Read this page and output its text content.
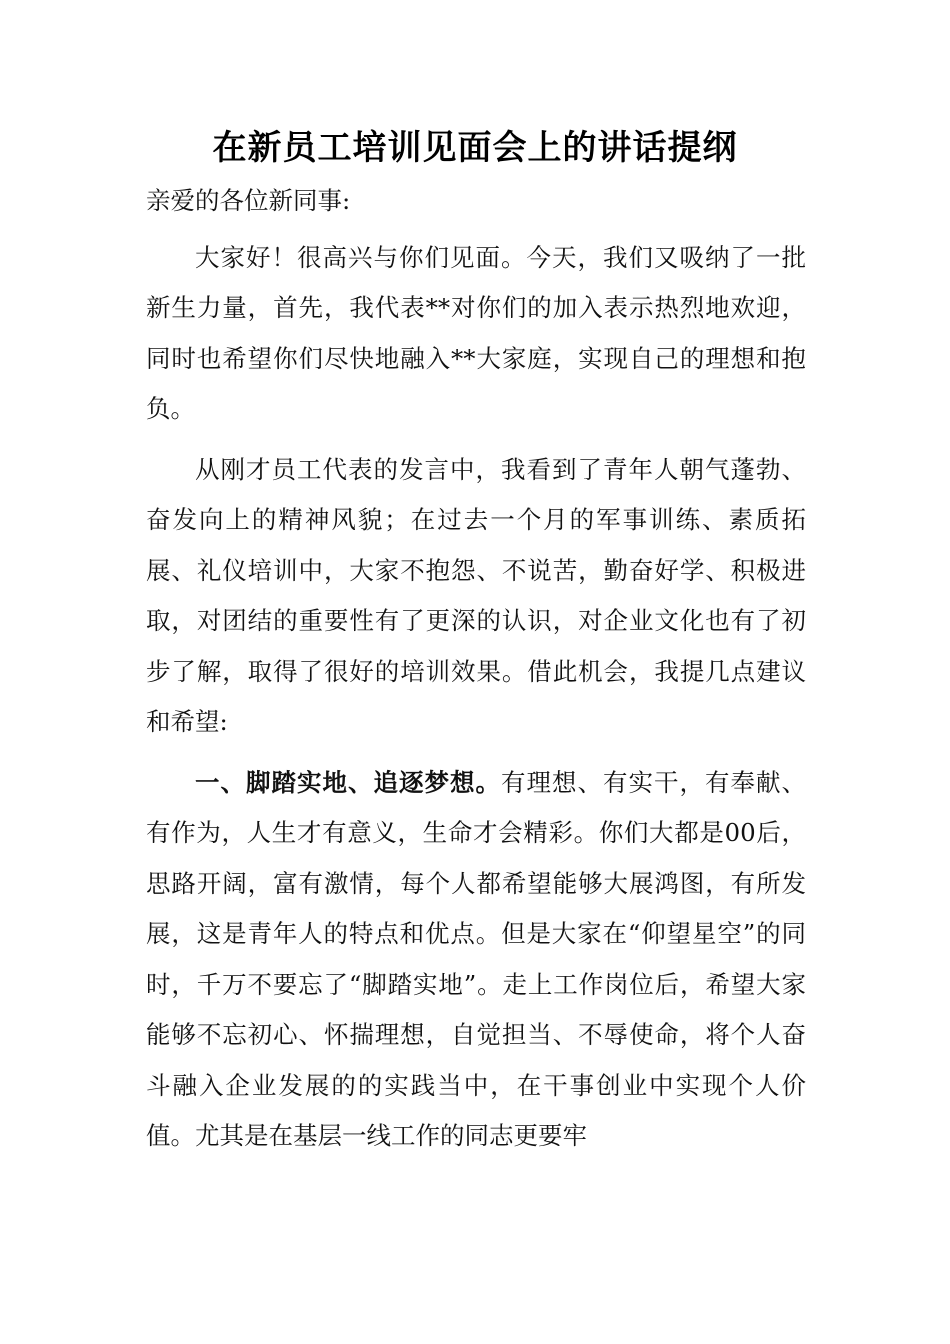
在新员工培训见面会上的讲话提纲

亲爱的各位新同事:

大家好！很高兴与你们见面。今天，我们又吸纳了一批新生力量，首先，我代表**对你们的加入表示热烈地欢迎，同时也希望你们尽快地融入**大家庭，实现自己的理想和抱负。

从刚才员工代表的发言中，我看到了青年人朝气蓬勃、奋发向上的精神风貌；在过去一个月的军事训练、素质拓展、礼仪培训中，大家不抱怨、不说苦，勤奋好学、积极进取，对团结的重要性有了更深的认识，对企业文化也有了初步了解，取得了很好的培训效果。借此机会，我提几点建议和希望:

一、脚踏实地、追逐梦想。有理想、有实干，有奉献、有作为，人生才有意义，生命才会精彩。你们大都是00后，思路开阔，富有激情，每个人都希望能够大展鸿图，有所发展，这是青年人的特点和优点。但是大家在“仰望星空”的同时，千万不要忘了“脚踏实地”。走上工作岗位后，希望大家能够不忘初心、怀揣理想，自觉担当、不辱使命，将个人奋斗融入企业发展的的实践当中，在干事创业中实现个人价值。尤其是在基层一线工作的同志更要牢
